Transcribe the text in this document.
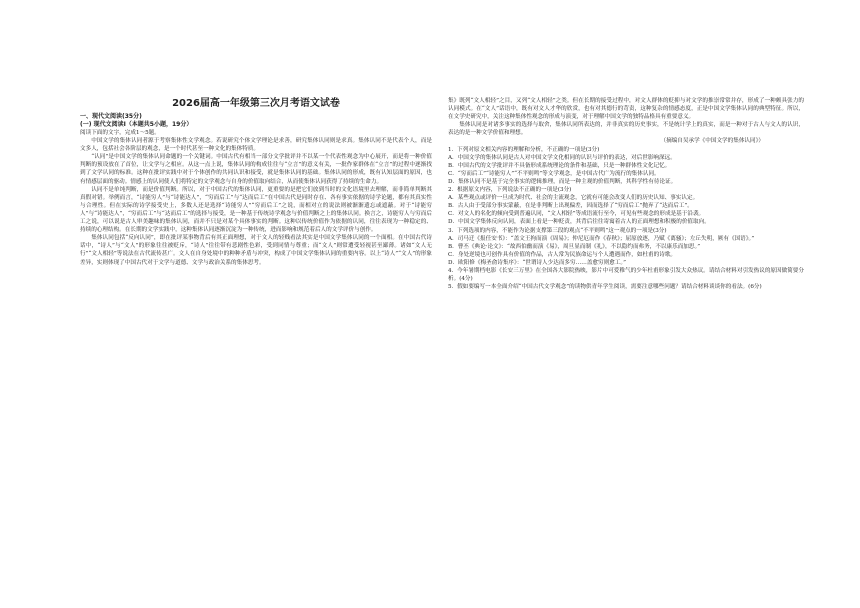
2026届高一年级第三次月考语文试卷
一、现代文阅读(35分)
(一) 现代文阅读Ⅰ（本题共5小题，19分）

阅读下面的文字，完成1～5题。

中国文学的集体认同者源于考察集体性文学观念。若说研究个体文学理论是求善，研究集体认同则是求真。集体认同不是代表个人，而是文多人，包括社会各阶层的观念，是一个时代甚至一种文化的集体特质。

“认同”是中国文学的集体认同命题的一个关键词。中国古代有相当一部分文学批评并不以某一个代表性观念为中心展开，而是将一种价值判断的预设放在了首位，让文学与之相应。从这一点上说，集体认同的构成往往与“立言”的意义有关，一批作家群体在“立言”的过程中逐渐找到了文学认同的标准。这种在批评实践中对于个体创作的共同认识和接受，就是集体认同的基础。集体认同的形成，既有认知层面的原因，也有情感层面的驱动。情感上的认同使人们将特定的文学观念与自身的价值取向结合，从而使集体认同获得了持续的生命力。

认同不是单纯判断，而是价值判断。所以，对于中国古代的集体认同，更重要的是把它们放到当时的文化语境里去理解，而非简单判断其真假对错。举例而言，“诗能穷人”与“诗能达人”，“穷而后工”与“达而后工”在中国古代是同时存在、各有事实依据的诗学论题，都有其真实性与合理性。但在实际的诗学接受史上，多数人还是选择“诗能穷人”“穷而后工”之说，而相对立的说法则被渐渐遗忘或遮蔽。对于“诗能穷人”与“诗能达人”，“穷而后工”与“达而后工”的选择与接受，是一种基于传统诗学观念与价值判断之上的集体认同。换言之，诗能穷人与穷而后工之说，可以说是古人审美趣味的集体认同，而并不只是对某个具体事实的判断。这种以传统价值作为依据的认同，往往表现为一种稳定的、持续的心理结构。在长期的文学实践中，这种集体认同逐渐沉淀为一种传统，进而影响和规范着后人的文学评价与创作。

集体认同包括“反向认同”，即在批评某事物背后有其正面理想，对于文人的轻贱看法其实是中国文学集体认同的一个面相。在中国古代诗话中，“诗人”与“文人”的形象往往被贬斥，“诗人”往往带有悲剧性色彩，受到同情与尊重；而“文人”则常遭受轻视甚至鄙薄。诸如“文人无行”“文人相轻”等说法在古代流传甚广。文人在自身处境中的种种矛盾与冲突，构成了中国文学集体认同的重要内容。以上“诗人”“文人”的形象差异，实则体现了中国古代对于文学与道德、文学与政治关系的集体思考。

集》既列“文人相轻”之目，又列“文人相轻”之类。但在长期的接受过程中，对文人群体的贬抑与对文学的推崇常常并存，形成了一种颇具张力的认同模式。在“文人”话语中，既有对文人才华的欣赏，也有对其德行的苛责，这种复杂的情感态度，正是中国文学集体认同的典型特征。所以，在文学史研究中，关注这种集体性观念的形成与演变，对于理解中国文学的独特品格具有重要意义。

集体认同是对诸多事实的选择与取舍，集体认同所表达的，并非真实的历史事实，不是统计学上的真实，而是一种对于古人与文人的认识，表达的是一种文学价值和理想。

（摘编自吴承学《中国文学的集体认同》）

1．下列对原文相关内容的理解和分析，不正确的一项是(3分)

A．中国文学的集体认同是古人对中国文学文化相同的认识与评价的表达，对后世影响深远。

B．中国古代的文学批评并不具备形成系统理论的条件和基础，只是一种群体性文化记忆。

C．“穷而后工”“诗能穷人”“不平则鸣”等文学观念，是中国古代广为流行的集体认同。

D．集体认同不是基于完全事实的逻辑推理，而是一种主观的价值判断，其科学性有待论证。

2．根据原文内容，下列说法不正确的一项是(3分)

A．某些观点或评价一旦成为时代、社会的主流观念，它就有可能会改变人们的历史认知、事实认定。

B．古人由于受部分事实蒙蔽，在是非判断上出现偏差，因而选择了“穷而后工”抛弃了“达而后工”。

C．对文人的名化的倾向受到普遍认同，“文人相轻”等成语流行至今，可见有些观念的形成是基于沿袭。

D．中国文学集体反向认同，表面上看是一种贬责，其背后往往寄寓着古人的正面理想和积极的价值取向。

3．下列选项的内容，不能作为论据支撑第三段的观点“不平则鸣”这一观点的一项是(3分)

A．司马迁《报任安书》：“盖文王拘而演《周易》；仲尼厄而作《春秋》；屈原放逐，乃赋《离骚》；左丘失明，厥有《国语》。”

B．曹丕《典论·论文》：“故西伯幽而演《易》，周旦显而制《礼》，不以隐约而弗务，不以康乐而加思。”

C．身处逆境也可创作具有价值的作品，古人常为民族命运与个人遭遇而作，如杜甫的诗歌。

D．欧阳修《梅圣俞诗集序》：“世谓诗人少达而多穷……盖愈穷则愈工。”

4．今年暑期档电影《长安三万里》在全国各大影院热映，影片中可爱稚气的少年杜甫形象引发大众热议。请结合材料对引发热议的原因做简要分析。(4分)

5．假如要编写一本全面介绍“中国古代文学观念”的读物供青年学生阅读，需要注意哪些问题？请结合材料谈谈你的看法。(6分)
